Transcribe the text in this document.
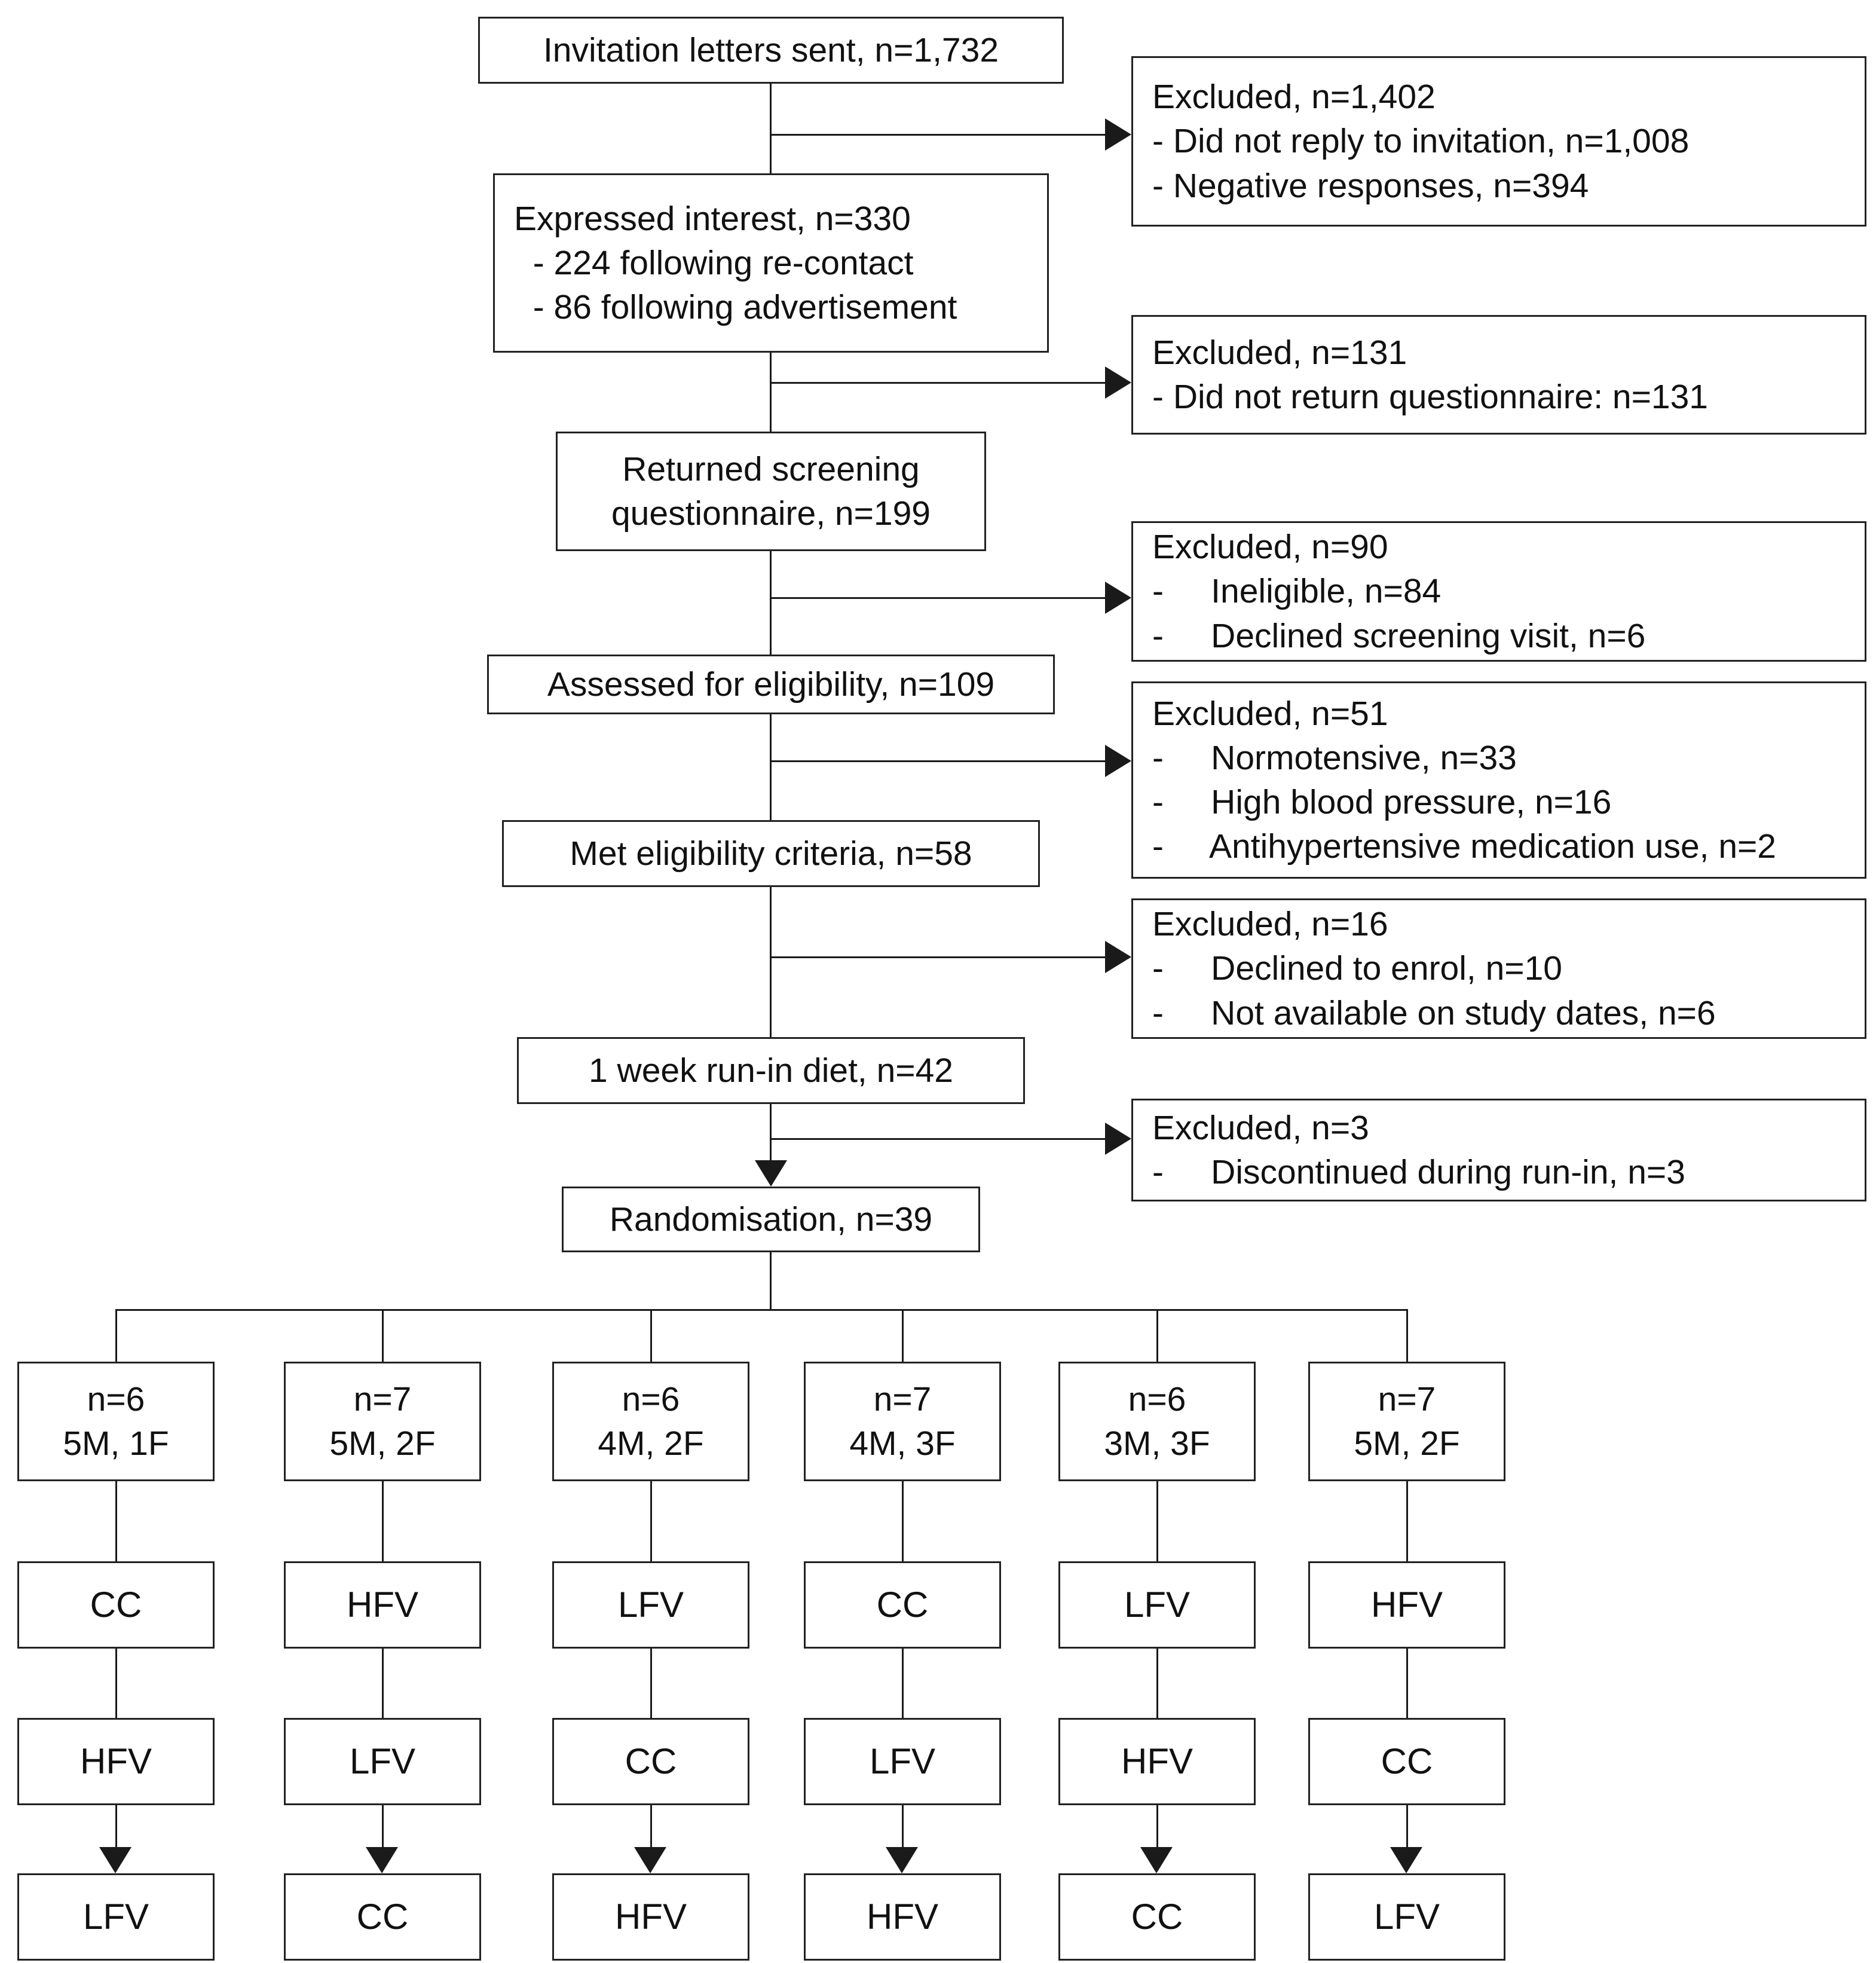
Invitation letters sent, n=1,732
Expressed interest, n=330
- 224 following re-contact
- 86 following advertisement
Returned screening
questionnaire, n=199
Assessed for eligibility, n=109
Met eligibility criteria, n=58
1 week run-in diet, n=42
Randomisation, n=39
Excluded, n=1,402
- Did not reply to invitation, n=1,008
- Negative responses, n=394
Excluded, n=131
- Did not return questionnaire: n=131
Excluded, n=90
-     Ineligible, n=84
-     Declined screening visit, n=6
Excluded, n=51
-     Normotensive, n=33
-     High blood pressure, n=16
-     Antihypertensive medication use, n=2
Excluded, n=16
-     Declined to enrol, n=10
-     Not available on study dates, n=6
Excluded, n=3
-     Discontinued during run-in, n=3
n=6
5M, 1F
CC
HFV
LFV
n=7
5M, 2F
HFV
LFV
CC
n=6
4M, 2F
LFV
CC
HFV
n=7
4M, 3F
CC
LFV
HFV
n=6
3M, 3F
LFV
HFV
CC
n=7
5M, 2F
HFV
CC
LFV
